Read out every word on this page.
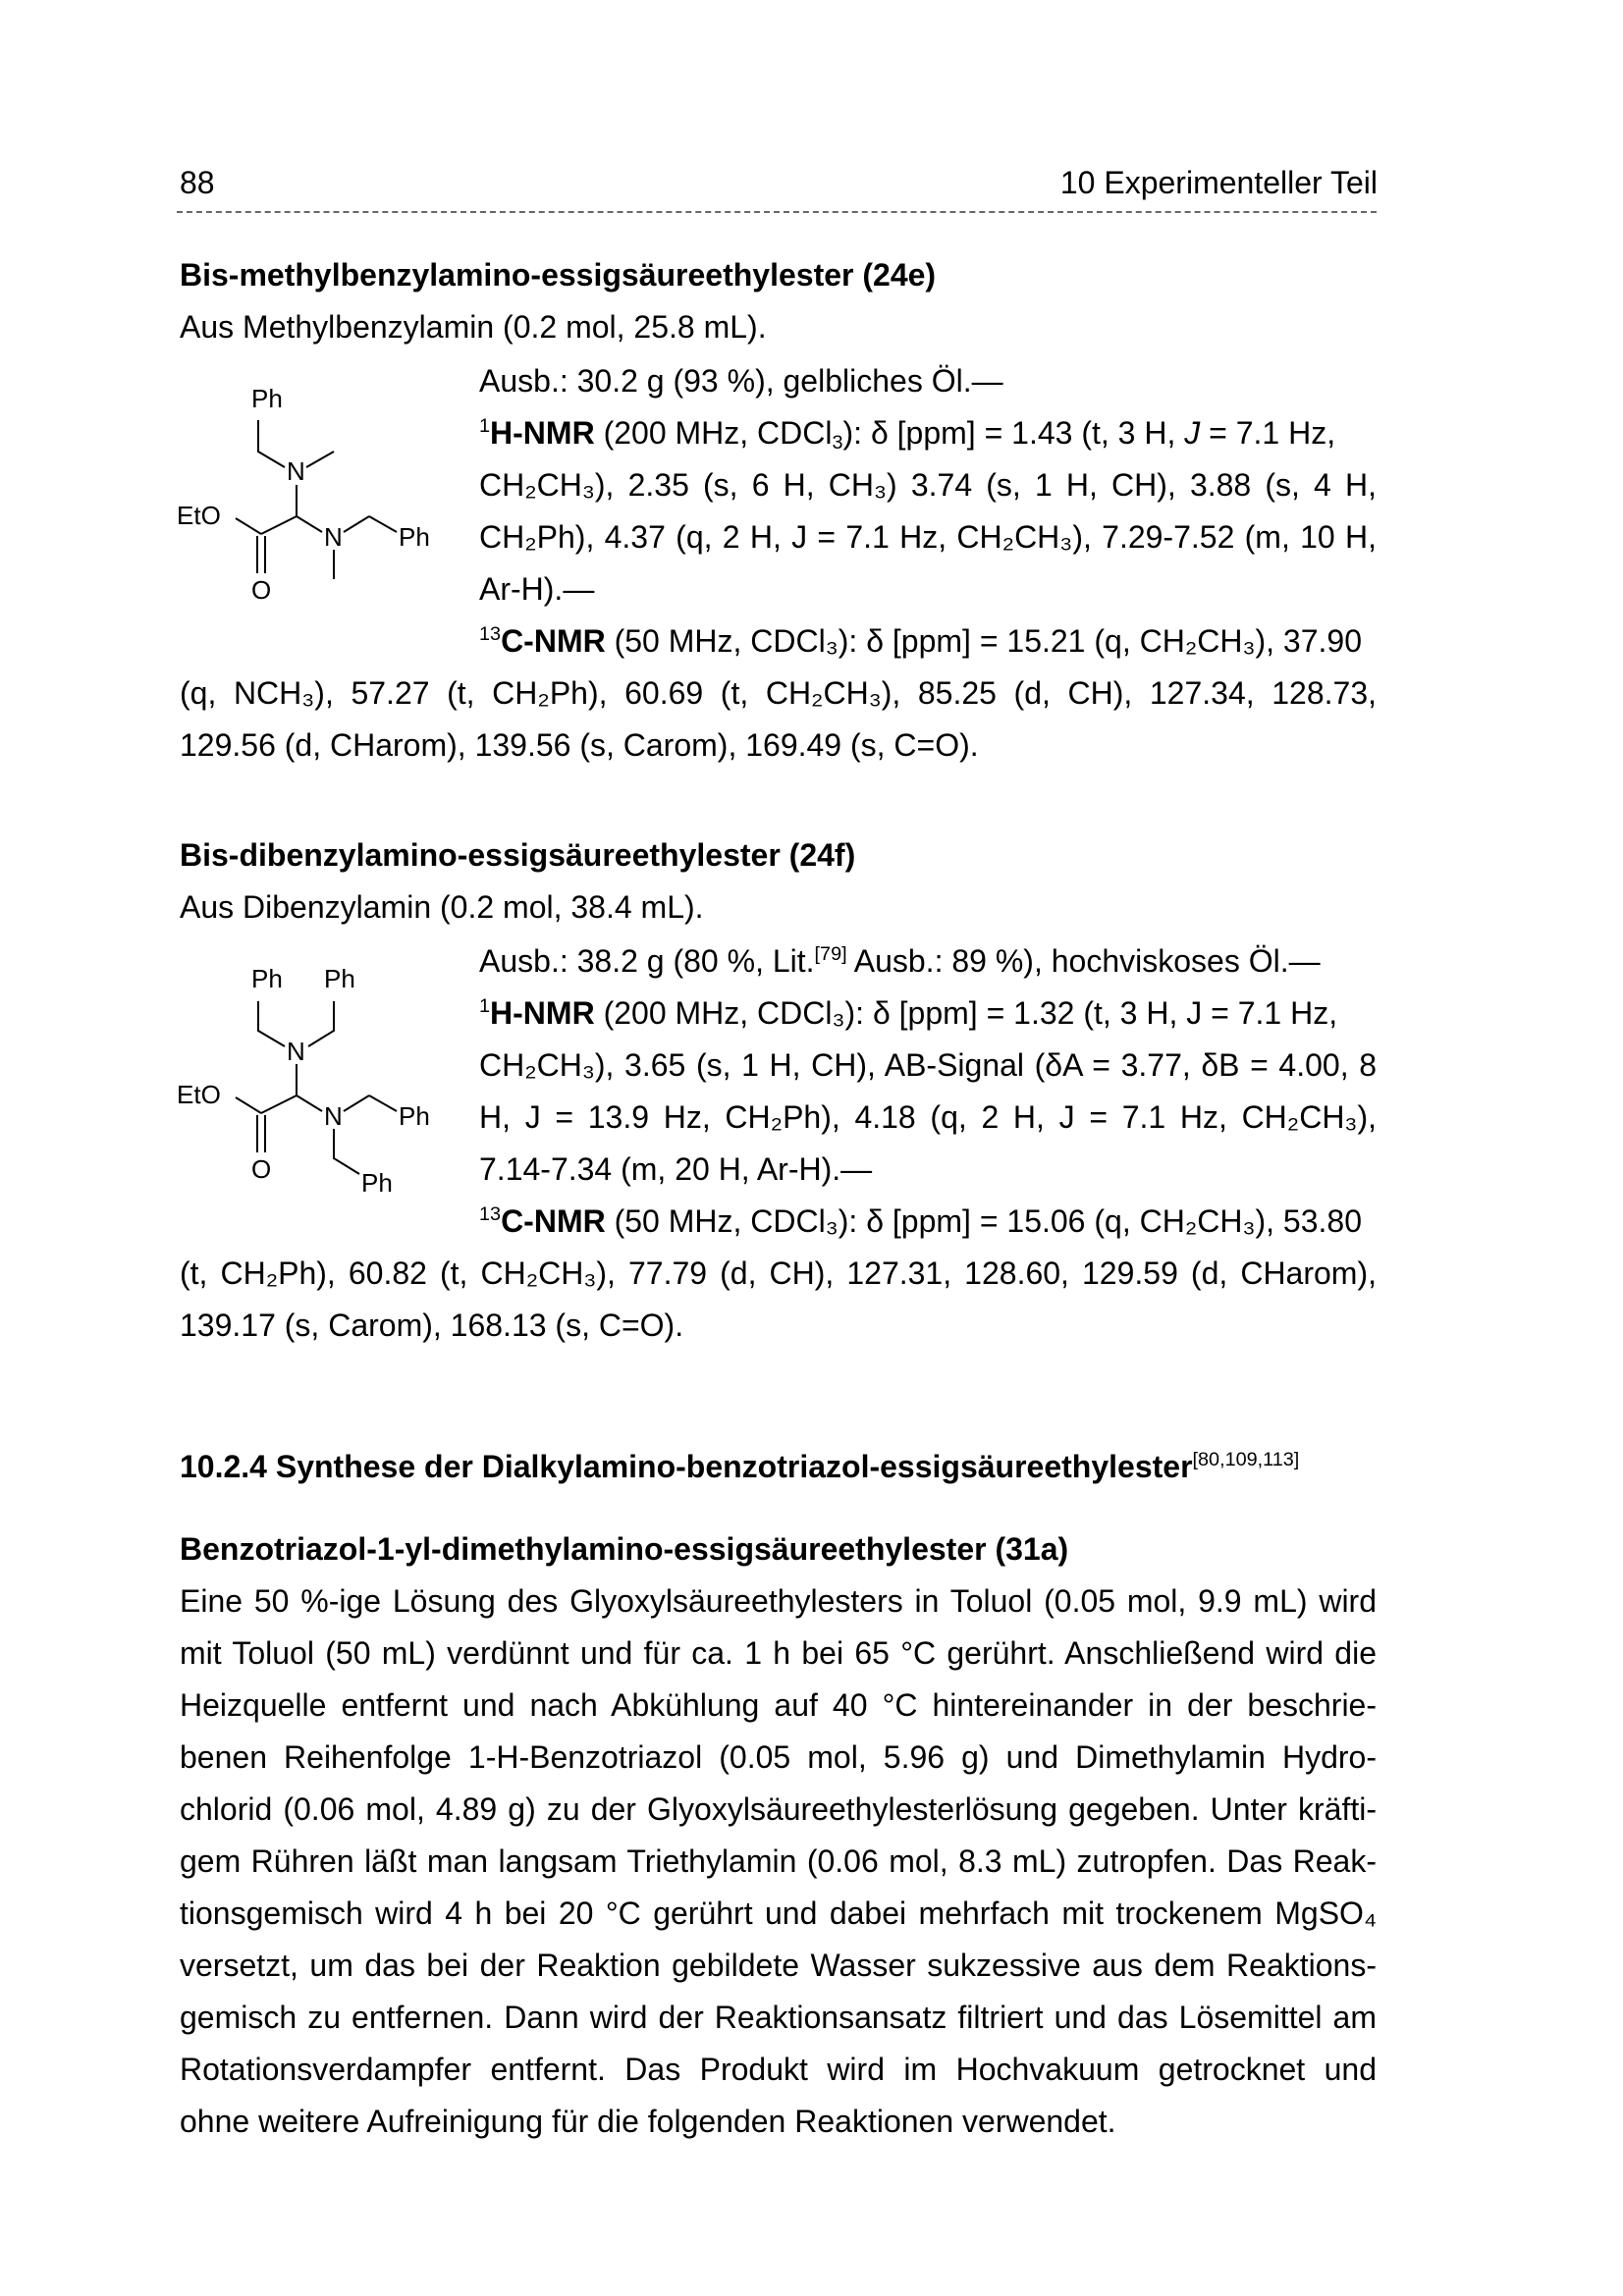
88	10 Experimenteller Teil
Bis-methylbenzylamino-essigsäureethylester (24e)
Aus Methylbenzylamin (0.2 mol, 25.8 mL).
Ph
N
EtO
O
N Ph
Ausb.: 30.2 g (93 %), gelbliches Öl.—
$^1$H-NMR (200 MHz, CDCl$_3$): δ [ppm] = 1.43 (t, 3 H, J = 7.1 Hz,
CH₂CH₃), 2.35 (s, 6 H, CH₃) 3.74 (s, 1 H, CH), 3.88 (s, 4 H,
CH₂Ph), 4.37 (q, 2 H, J = 7.1 Hz, CH₂CH₃), 7.29-7.52 (m, 10 H,
Ar-H).—
$^{13}$C-NMR (50 MHz, CDCl₃): δ [ppm] = 15.21 (q, CH₂CH₃), 37.90
(q, NCH₃), 57.27 (t, CH₂Ph), 60.69 (t, CH₂CH₃), 85.25 (d, CH), 127.34, 128.73,
129.56 (d, CHarom), 139.56 (s, Carom), 169.49 (s, C=O).
Bis-dibenzylamino-essigsäureethylester (24f)
Aus Dibenzylamin (0.2 mol, 38.4 mL).
Ph Ph
N
EtO
O
N Ph
Ph
Ausb.: 38.2 g (80 %, Lit.[79] Ausb.: 89 %), hochviskoses Öl.—
$^1$H-NMR (200 MHz, CDCl₃): δ [ppm] = 1.32 (t, 3 H, J = 7.1 Hz,
CH₂CH₃), 3.65 (s, 1 H, CH), AB-Signal (δA = 3.77, δB = 4.00, 8
H, J = 13.9 Hz, CH₂Ph), 4.18 (q, 2 H, J = 7.1 Hz, CH₂CH₃),
7.14-7.34 (m, 20 H, Ar-H).—
$^{13}$C-NMR (50 MHz, CDCl₃): δ [ppm] = 15.06 (q, CH₂CH₃), 53.80
(t, CH₂Ph), 60.82 (t, CH₂CH₃), 77.79 (d, CH), 127.31, 128.60, 129.59 (d, CHarom),
139.17 (s, Carom), 168.13 (s, C=O).
10.2.4 Synthese der Dialkylamino-benzotriazol-essigsäureethylester[80,109,113]
Benzotriazol-1-yl-dimethylamino-essigsäureethylester (31a)
Eine 50 %-ige Lösung des Glyoxylsäureethylesters in Toluol (0.05 mol, 9.9 mL) wird
mit Toluol (50 mL) verdünnt und für ca. 1 h bei 65 °C gerührt. Anschließend wird die
Heizquelle entfernt und nach Abkühlung auf 40 °C hintereinander in der beschrie-
benen Reihenfolge 1-H-Benzotriazol (0.05 mol, 5.96 g) und Dimethylamin Hydro-
chlorid (0.06 mol, 4.89 g) zu der Glyoxylsäureethylesterlösung gegeben. Unter kräfti-
gem Rühren läßt man langsam Triethylamin (0.06 mol, 8.3 mL) zutropfen. Das Reak-
tionsgemisch wird 4 h bei 20 °C gerührt und dabei mehrfach mit trockenem MgSO₄
versetzt, um das bei der Reaktion gebildete Wasser sukzessive aus dem Reaktions-
gemisch zu entfernen. Dann wird der Reaktionsansatz filtriert und das Lösemittel am
Rotationsverdampfer entfernt. Das Produkt wird im Hochvakuum getrocknet und
ohne weitere Aufreinigung für die folgenden Reaktionen verwendet.
